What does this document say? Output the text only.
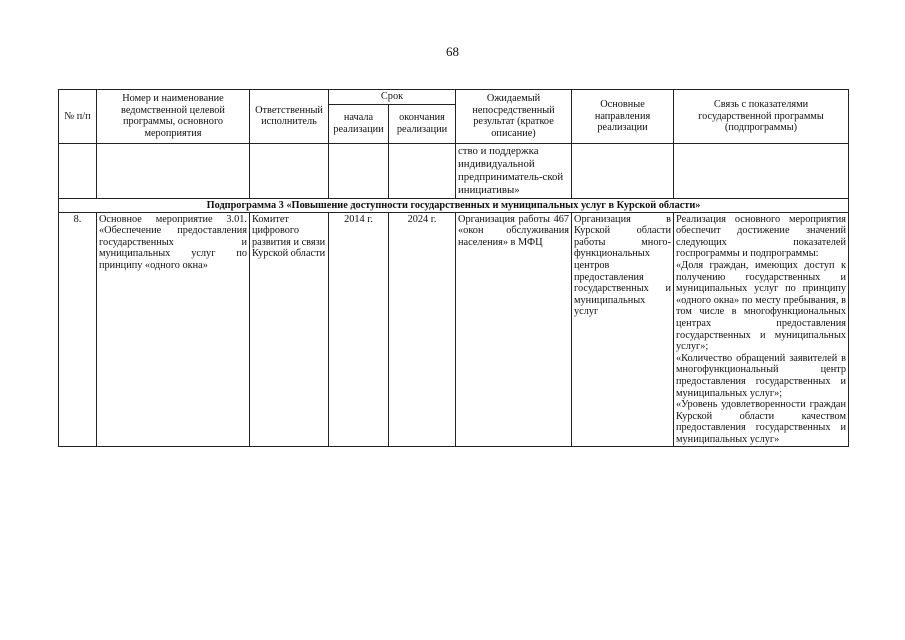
68
№ п/п	Номер и наименование ведомственной целевой программы, основного мероприятия	Ответственный исполнитель	Срок		Ожидаемый непосредственный результат (краткое описание)	Основные направления реализации	Связь с показателями государственной программы (подпрограммы)
			начала реализации	окончания реализации			
					ство и поддержка индивидуальной предприниматель-ской инициативы»		
Подпрограмма 3 «Повышение доступности государственных и муниципальных услуг в Курской области»							
8.	Основное мероприятие 3.01. «Обеспечение предоставления государственных и муниципальных услуг по принципу «одного окна»	Комитет цифрового развития и связи Курской области	2014 г.	2024 г.	Организация работы 467 «окон обслуживания населения» в МФЦ	Организация в Курской области работы много-функциональных центров предоставления государственных и муниципальных услуг	Реализация основного мероприятия обеспечит достижение значений следующих показателей госпрограммы и подпрограммы:
«Доля граждан, имеющих доступ к получению государственных и муниципальных услуг по принципу «одного окна» по месту пребывания, в том числе в многофункциональных центрах предоставления государственных и муниципальных услуг»;
«Количество обращений заявителей в многофункциональный центр предоставления государственных и муниципальных услуг»;
«Уровень удовлетворенности граждан Курской области качеством предоставления государственных и муниципальных услуг»
